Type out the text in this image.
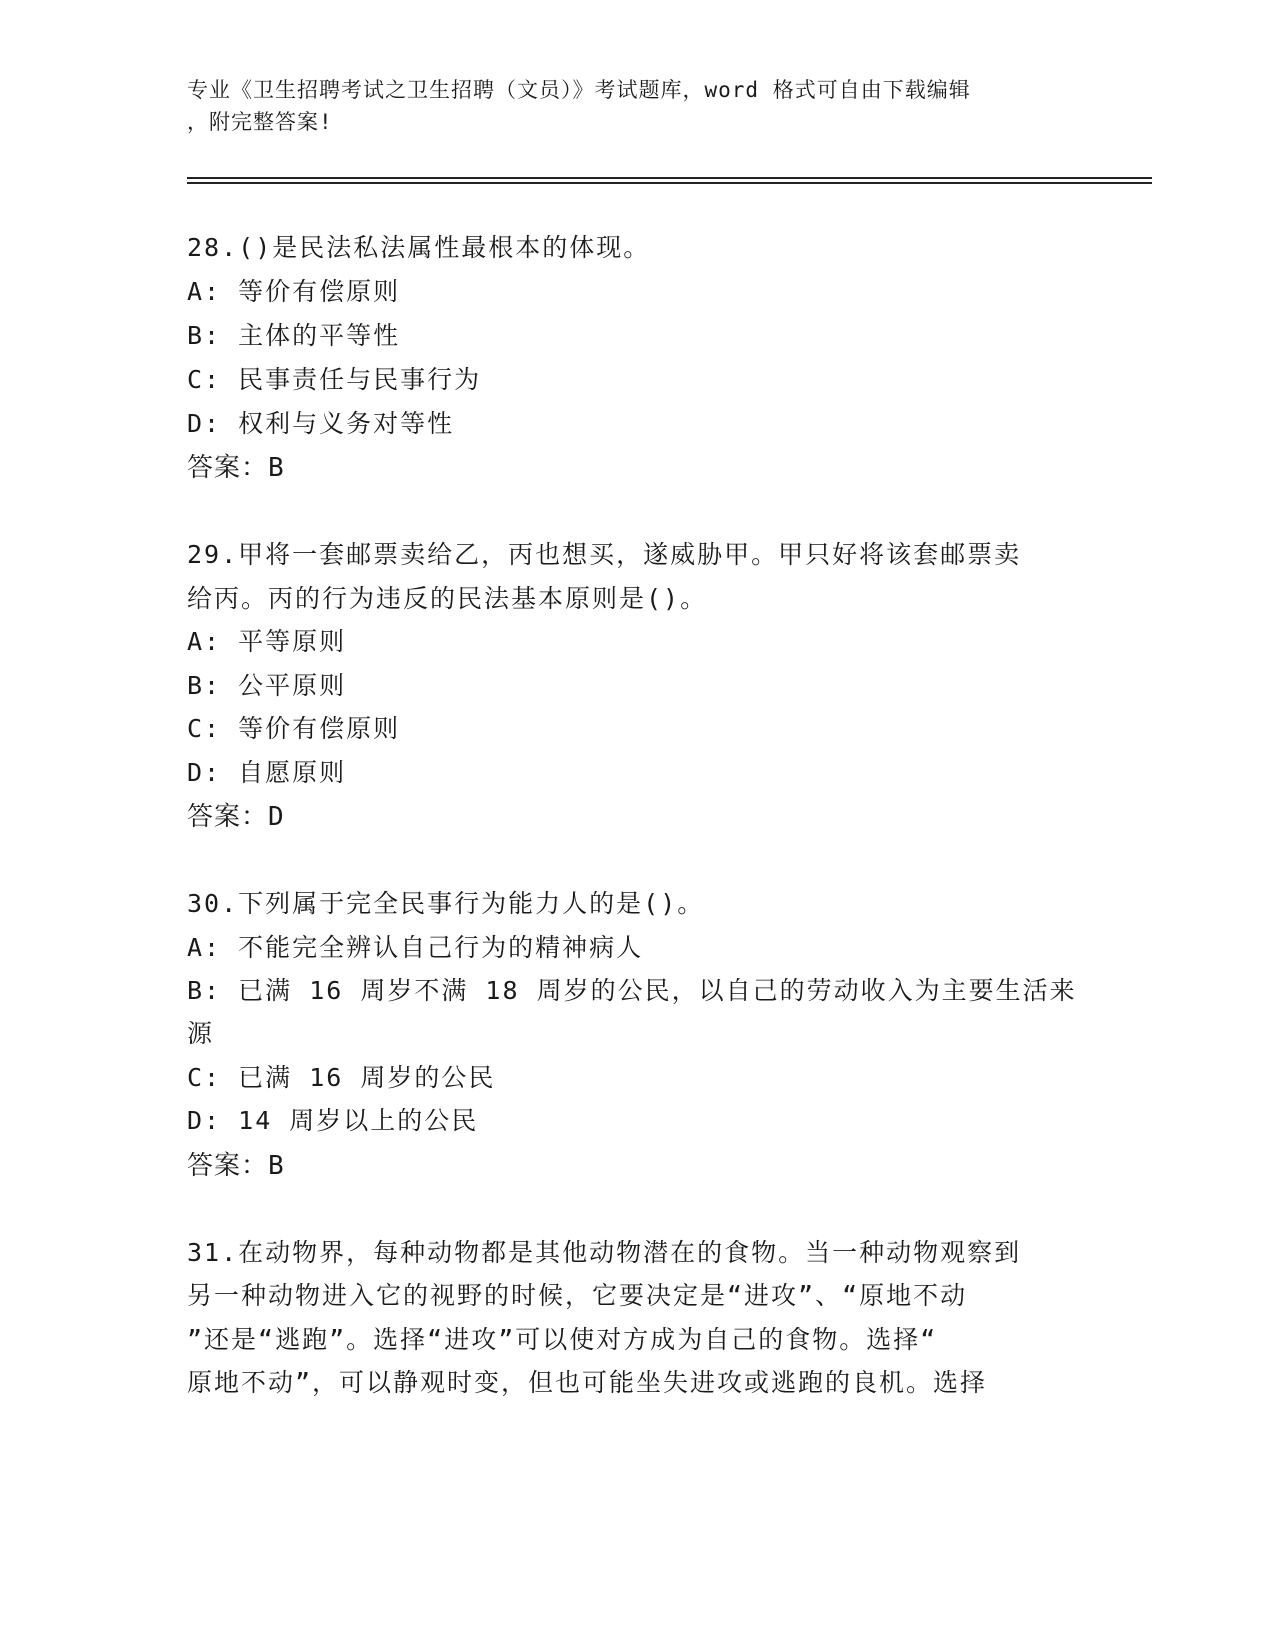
专业《卫生招聘考试之卫生招聘（文员）》考试题库，word 格式可自由下载编辑
，附完整答案!
28.()是民法私法属性最根本的体现。
A: 等价有偿原则
B: 主体的平等性
C: 民事责任与民事行为
D: 权利与义务对等性
答案：B
29.甲将一套邮票卖给乙，丙也想买，遂威胁甲。甲只好将该套邮票卖
给丙。丙的行为违反的民法基本原则是()。
A: 平等原则
B: 公平原则
C: 等价有偿原则
D: 自愿原则
答案：D
30.下列属于完全民事行为能力人的是()。
A: 不能完全辨认自己行为的精神病人
B: 已满 16 周岁不满 18 周岁的公民，以自己的劳动收入为主要生活来
源
C: 已满 16 周岁的公民
D: 14 周岁以上的公民
答案：B
31.在动物界，每种动物都是其他动物潜在的食物。当一种动物观察到
另一种动物进入它的视野的时候，它要决定是“进攻”、“原地不动
”还是“逃跑”。选择“进攻”可以使对方成为自己的食物。选择“
原地不动”，可以静观时变，但也可能坐失进攻或逃跑的良机。选择
